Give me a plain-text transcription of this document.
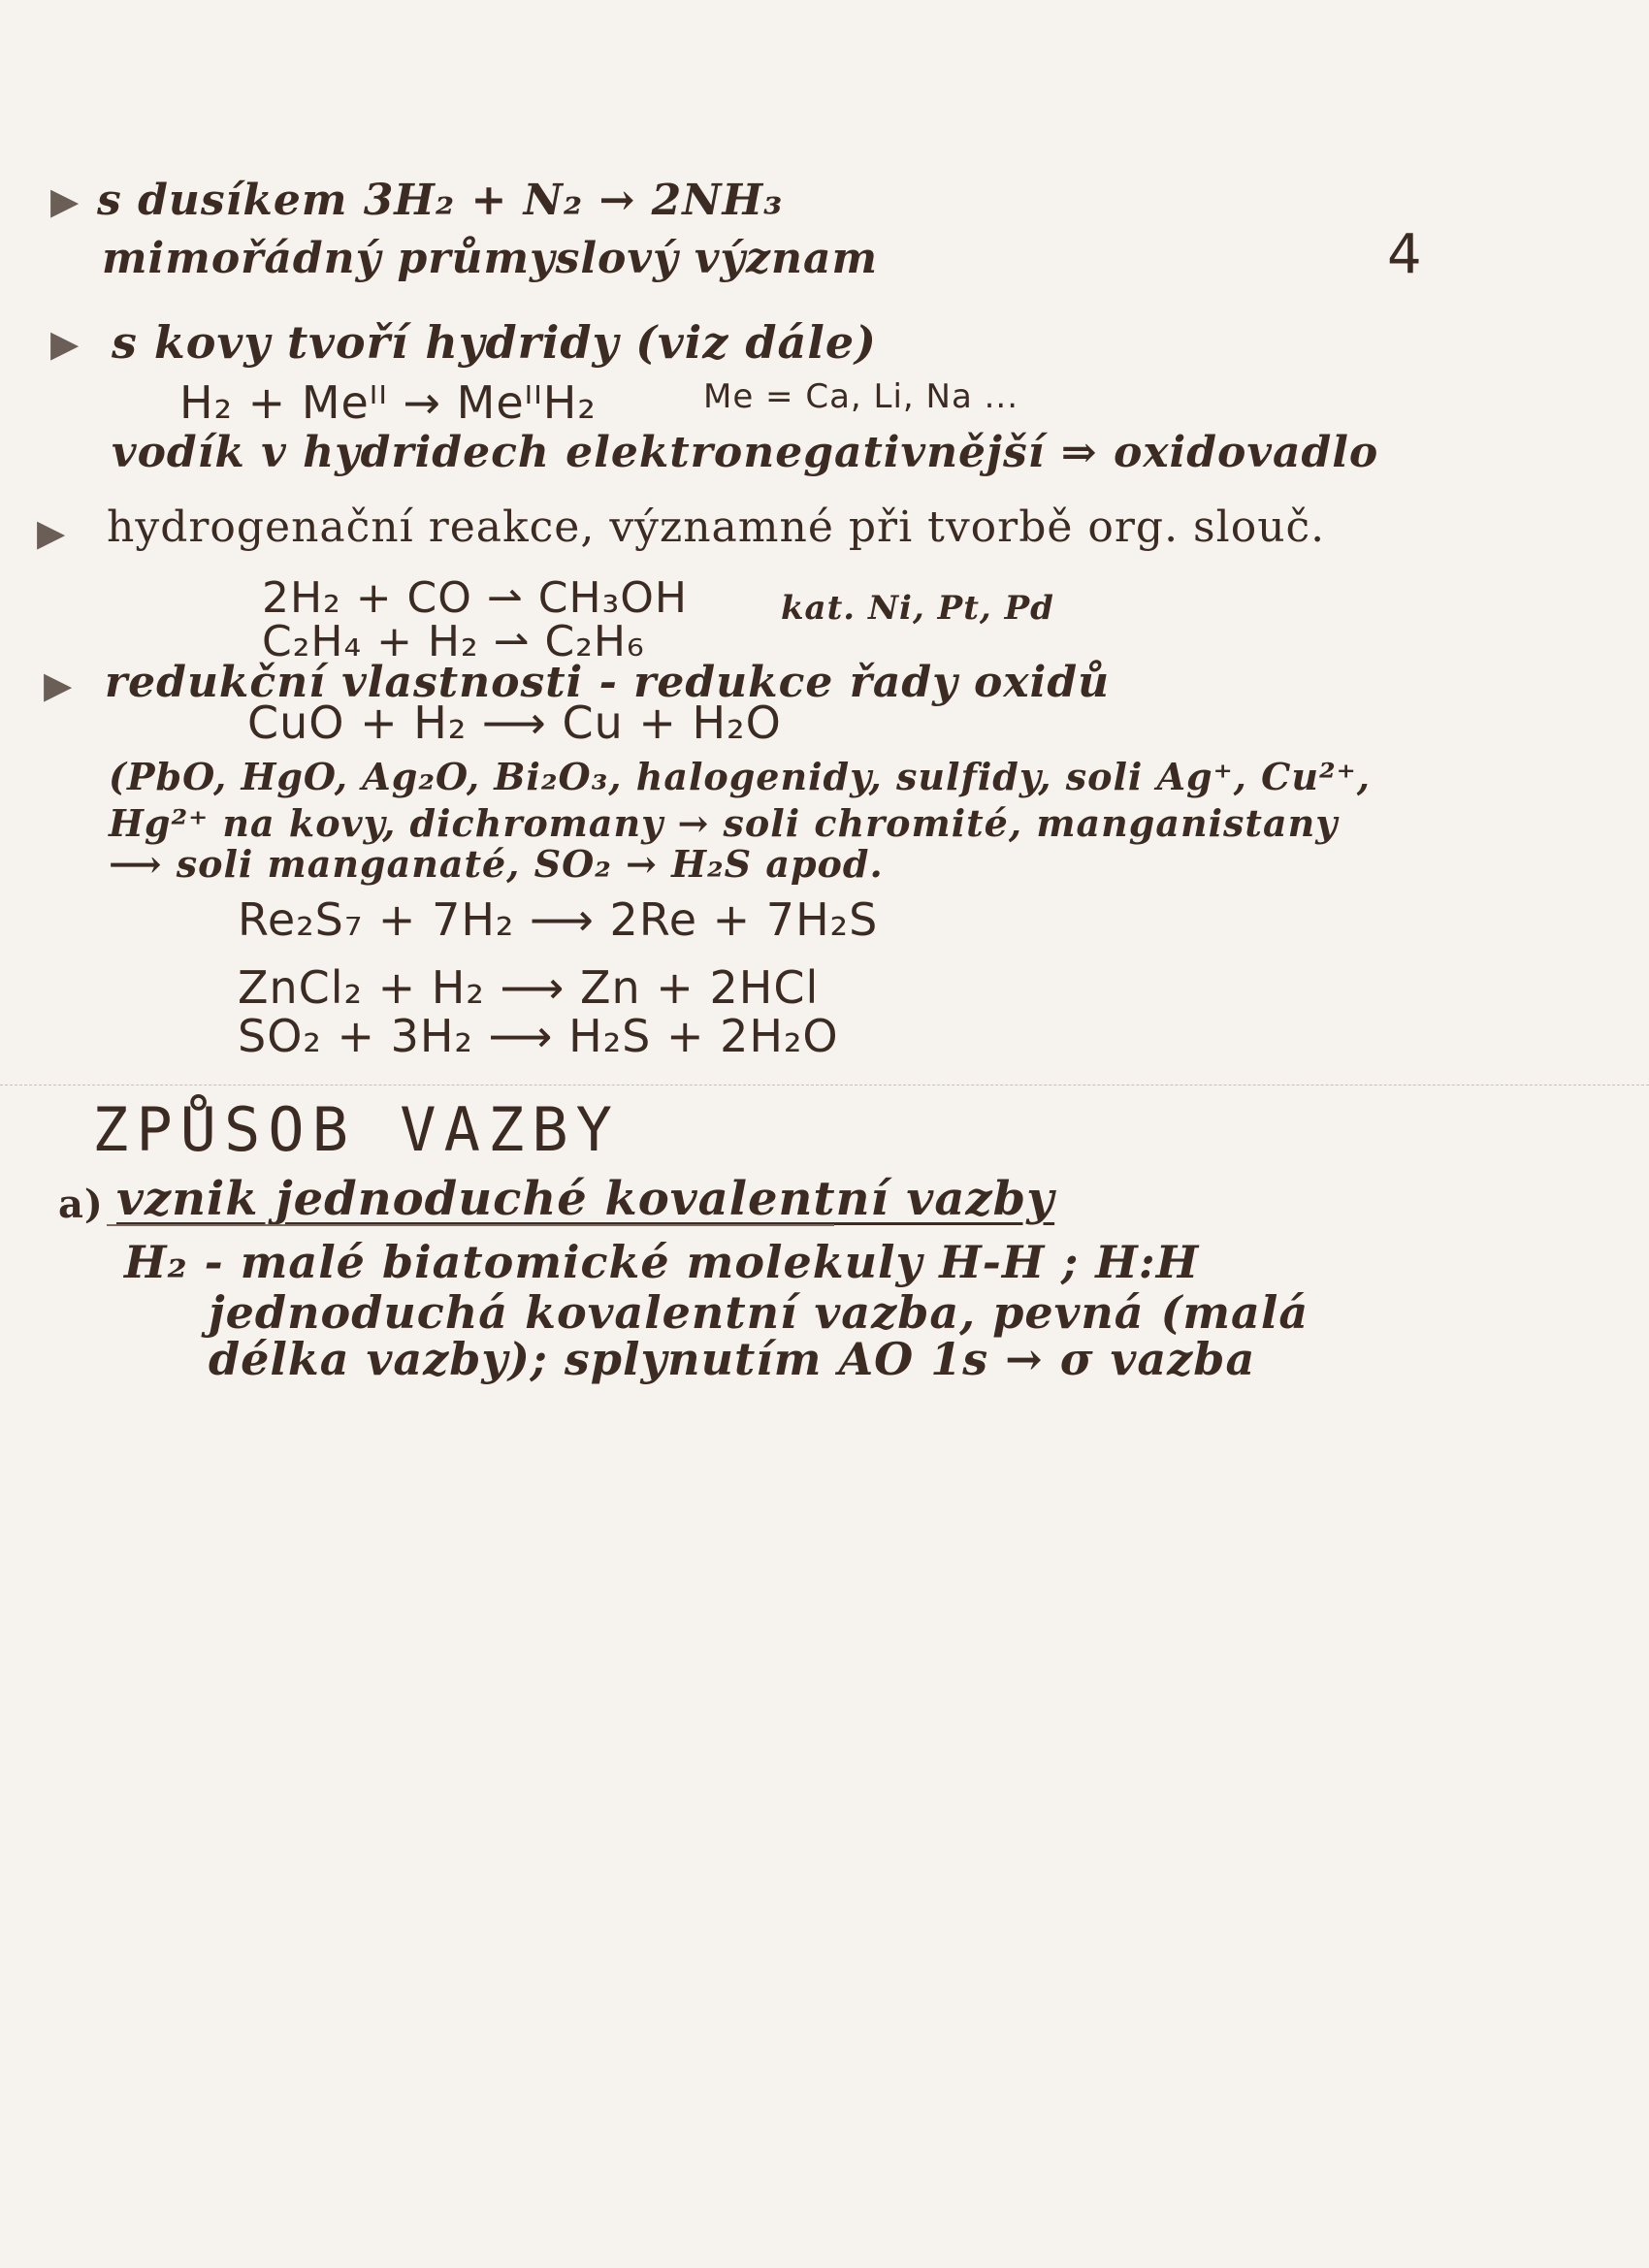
4
▶ s dusíkem 3H₂ + N₂ → 2NH₃
mimořádný průmyslový význam
▶ s kovy tvoří hydridy (viz dále)
H₂ + Meᴵᴵ → MeᴵᴵH₂	Me = Ca, Li, Na ...
vodík v hydridech elektronegativnější ⇒ oxidovadlo
▶ hydrogenační reakce, významné při tvorbě org. slouč.
2H₂ + CO ⇀ CH₃OH	kat. Ni, Pt, Pd
C₂H₄ + H₂ ⇀ C₂H₆
▶ redukční vlastnosti - redukce řady oxidů
CuO + H₂ ⟶ Cu + H₂O
(PbO, HgO, Ag₂O, Bi₂O₃, halogenidy, sulfidy, soli Ag⁺, Cu²⁺,
Hg²⁺ na kovy, dichromany → soli chromité, manganistany
⟶ soli manganaté, SO₂ → H₂S apod.
Re₂S₇ + 7H₂ ⟶ 2Re + 7H₂S
ZnCl₂ + H₂ ⟶ Zn + 2HCl
SO₂ + 3H₂ ⟶ H₂S + 2H₂O
ZPŮSOB VAZBY
a) vznik jednoduché kovalentní vazby
H₂ - malé biatomické molekuly H-H ; H:H
jednoduchá kovalentní vazba, pevná (malá
délka vazby); splynutím AO 1s → σ vazba
